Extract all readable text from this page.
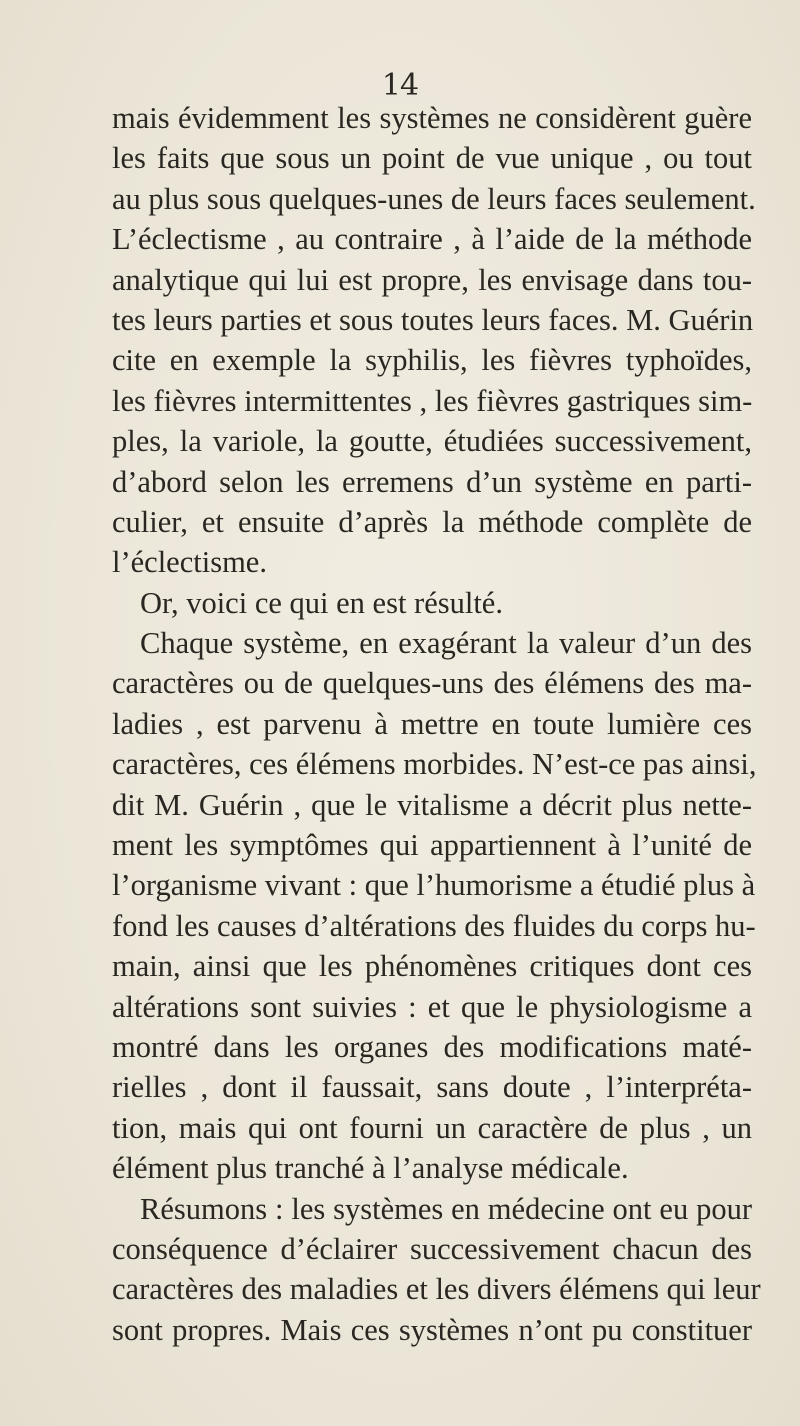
14
mais évidemment les systèmes ne considèrent guère
les faits que sous un point de vue unique , ou tout
au plus sous quelques-unes de leurs faces seulement.
L’éclectisme , au contraire , à l’aide de la méthode
analytique qui lui est propre, les envisage dans tou-
tes leurs parties et sous toutes leurs faces. M. Guérin
cite en exemple la syphilis, les fièvres typhoïdes,
les fièvres intermittentes , les fièvres gastriques sim-
ples, la variole, la goutte, étudiées successivement,
d’abord selon les erremens d’un système en parti-
culier, et ensuite d’après la méthode complète de
l’éclectisme.
Or, voici ce qui en est résulté.
Chaque système, en exagérant la valeur d’un des
caractères ou de quelques-uns des élémens des ma-
ladies , est parvenu à mettre en toute lumière ces
caractères, ces élémens morbides. N’est-ce pas ainsi,
dit M. Guérin , que le vitalisme a décrit plus nette-
ment les symptômes qui appartiennent à l’unité de
l’organisme vivant : que l’humorisme a étudié plus à
fond les causes d’altérations des fluides du corps hu-
main, ainsi que les phénomènes critiques dont ces
altérations sont suivies : et que le physiologisme a
montré dans les organes des modifications maté-
rielles , dont il faussait, sans doute , l’interpréta-
tion, mais qui ont fourni un caractère de plus , un
élément plus tranché à l’analyse médicale.
Résumons : les systèmes en médecine ont eu pour
conséquence d’éclairer successivement chacun des
caractères des maladies et les divers élémens qui leur
sont propres. Mais ces systèmes n’ont pu constituer
